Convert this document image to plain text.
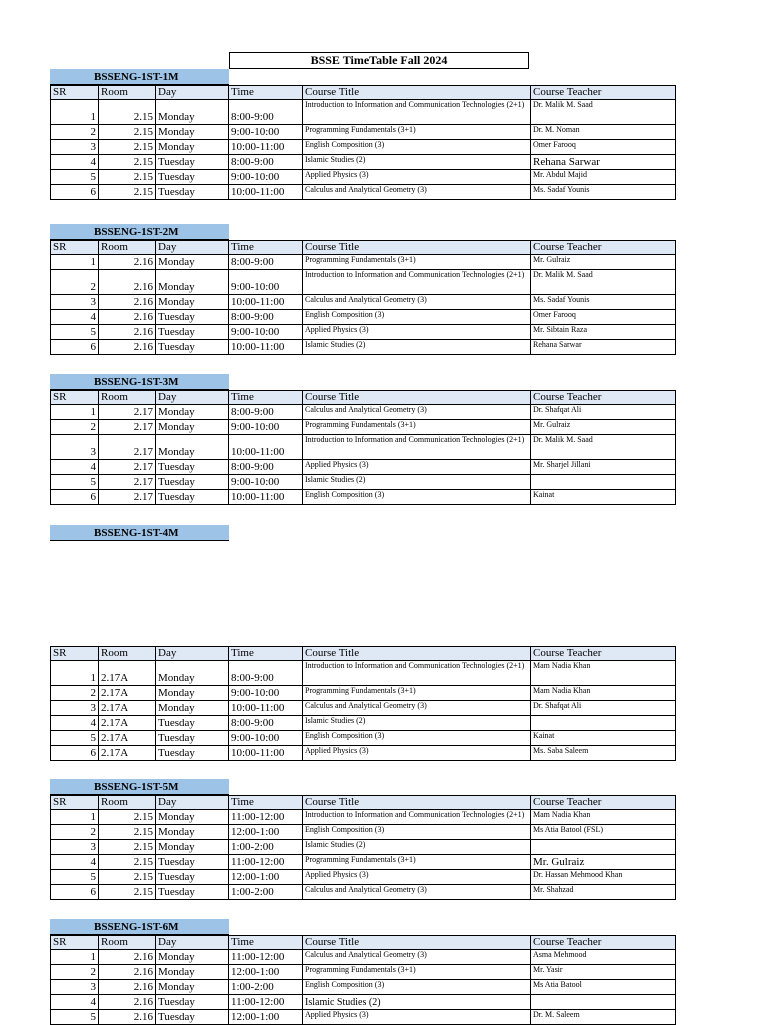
BSSE TimeTable Fall 2024
BSSENG-1ST-1M
SR	Room	Day	Time	Course Title	Course Teacher
1	2.15	Monday	8:00-9:00	Introduction to Information and Communication Technologies (2+1)	Dr. Malik M. Saad
2	2.15	Monday	9:00-10:00	Programming Fundamentals (3+1)	Dr. M. Noman
3	2.15	Monday	10:00-11:00	English Composition (3)	Omer Farooq
4	2.15	Tuesday	8:00-9:00	Islamic Studies (2)	Rehana Sarwar
5	2.15	Tuesday	9:00-10:00	Applied Physics (3)	Mr. Abdul Majid
6	2.15	Tuesday	10:00-11:00	Calculus and Analytical Geometry (3)	Ms. Sadaf Younis
BSSENG-1ST-2M
SR	Room	Day	Time	Course Title	Course Teacher
1	2.16	Monday	8:00-9:00	Programming Fundamentals (3+1)	Mr. Gulraiz
2	2.16	Monday	9:00-10:00	Introduction to Information and Communication Technologies (2+1)	Dr. Malik M. Saad
3	2.16	Monday	10:00-11:00	Calculus and Analytical Geometry (3)	Ms. Sadaf Younis
4	2.16	Tuesday	8:00-9:00	English Composition (3)	Omer Farooq
5	2.16	Tuesday	9:00-10:00	Applied Physics (3)	Mr. Sibtain Raza
6	2.16	Tuesday	10:00-11:00	Islamic Studies (2)	Rehana Sarwar
BSSENG-1ST-3M
SR	Room	Day	Time	Course Title	Course Teacher
1	2.17	Monday	8:00-9:00	Calculus and Analytical Geometry (3)	Dr. Shafqat Ali
2	2.17	Monday	9:00-10:00	Programming Fundamentals (3+1)	Mr. Gulraiz
3	2.17	Monday	10:00-11:00	Introduction to Information and Communication Technologies (2+1)	Dr. Malik M. Saad
4	2.17	Tuesday	8:00-9:00	Applied Physics (3)	Mr. Sharjel Jillani
5	2.17	Tuesday	9:00-10:00	Islamic Studies (2)	
6	2.17	Tuesday	10:00-11:00	English Composition (3)	Kainat
BSSENG-1ST-4M
SR	Room	Day	Time	Course Title	Course Teacher
1	2.17A	Monday	8:00-9:00	Introduction to Information and Communication Technologies (2+1)	Mam Nadia Khan
2	2.17A	Monday	9:00-10:00	Programming Fundamentals (3+1)	Mam Nadia Khan
3	2.17A	Monday	10:00-11:00	Calculus and Analytical Geometry (3)	Dr. Shafqat Ali
4	2.17A	Tuesday	8:00-9:00	Islamic Studies (2)	
5	2.17A	Tuesday	9:00-10:00	English Composition (3)	Kainat
6	2.17A	Tuesday	10:00-11:00	Applied Physics (3)	Ms. Saba Saleem
BSSENG-1ST-5M
SR	Room	Day	Time	Course Title	Course Teacher
1	2.15	Monday	11:00-12:00	Introduction to Information and Communication Technologies (2+1)	Mam Nadia Khan
2	2.15	Monday	12:00-1:00	English Composition (3)	Ms Atia Batool (FSL)
3	2.15	Monday	1:00-2:00	Islamic Studies (2)	
4	2.15	Tuesday	11:00-12:00	Programming Fundamentals (3+1)	Mr. Gulraiz
5	2.15	Tuesday	12:00-1:00	Applied Physics (3)	Dr. Hassan Mehmood Khan
6	2.15	Tuesday	1:00-2:00	Calculus and Analytical Geometry (3)	Mr. Shahzad
BSSENG-1ST-6M
SR	Room	Day	Time	Course Title	Course Teacher
1	2.16	Monday	11:00-12:00	Calculus and Analytical Geometry (3)	Asma Mehmood
2	2.16	Monday	12:00-1:00	Programming Fundamentals (3+1)	Mr. Yasir
3	2.16	Monday	1:00-2:00	English Composition (3)	Ms Atia Batool
4	2.16	Tuesday	11:00-12:00	Islamic Studies (2)	
5	2.16	Tuesday	12:00-1:00	Applied Physics (3)	Dr. M. Saleem
